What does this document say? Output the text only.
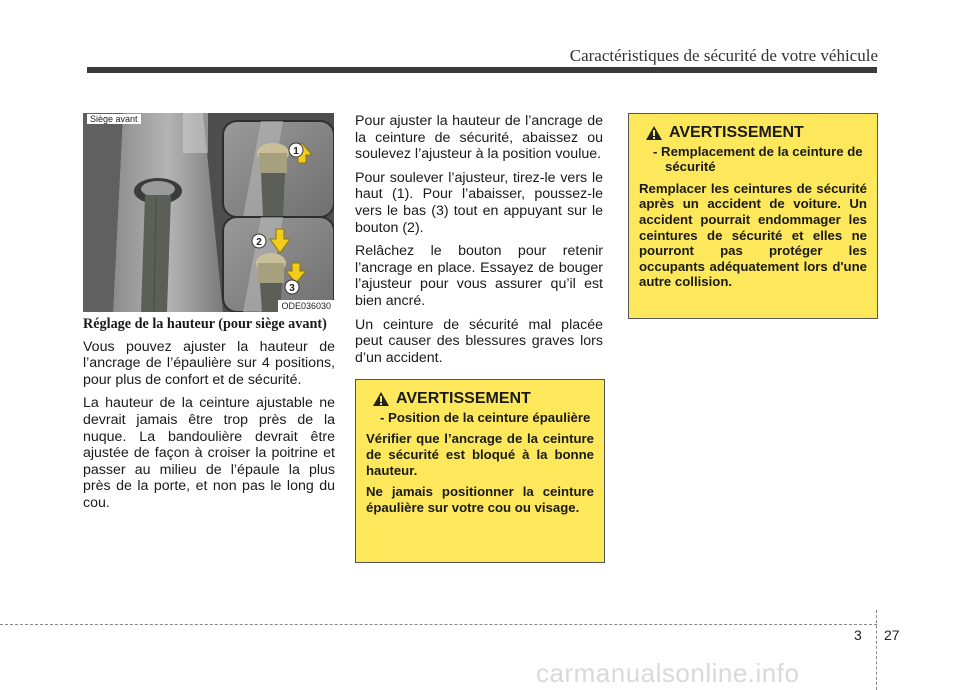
Caractéristiques de sécurité de votre véhicule
1
2
3
Siège avant
ODE036030
Réglage de la hauteur (pour siège avant)

Vous pouvez ajuster la hauteur de l’ancrage de l’épaulière sur 4 positions, pour plus de confort et de sécurité.

La hauteur de la ceinture ajustable ne devrait jamais être trop près de la nuque. La bandoulière devrait être ajustée de façon à croiser la poitrine et passer au milieu de l’épaule la plus près de la porte, et non pas le long du cou.

Pour ajuster la hauteur de l’ancrage de la ceinture de sécurité, abaissez ou soulevez l’ajusteur à la position voulue.

Pour soulever l’ajusteur, tirez-le vers le haut (1). Pour l’abaisser, poussez-le vers le bas (3) tout en appuyant sur le bouton (2).

Relâchez le bouton pour retenir l’ancrage en place. Essayez de bouger l’ajusteur pour vous assurer qu’il est bien ancré.

Un ceinture de sécurité mal placée peut causer des blessures graves lors d’un accident.

AVERTISSEMENT
- Position de la ceinture épaulière

Vérifier que l’ancrage de la ceinture de sécurité est bloqué à la bonne hauteur.

Ne jamais positionner la ceinture épaulière sur votre cou ou visage.

AVERTISSEMENT
- Remplacement de la ceinture de sécurité

Remplacer les ceintures de sécurité après un accident de voiture. Un accident pourrait endommager les ceintures de sécurité et elles ne pourront pas protéger les occupants adéquatement lors d'une autre collision.

3 27
carmanualsonline.info
